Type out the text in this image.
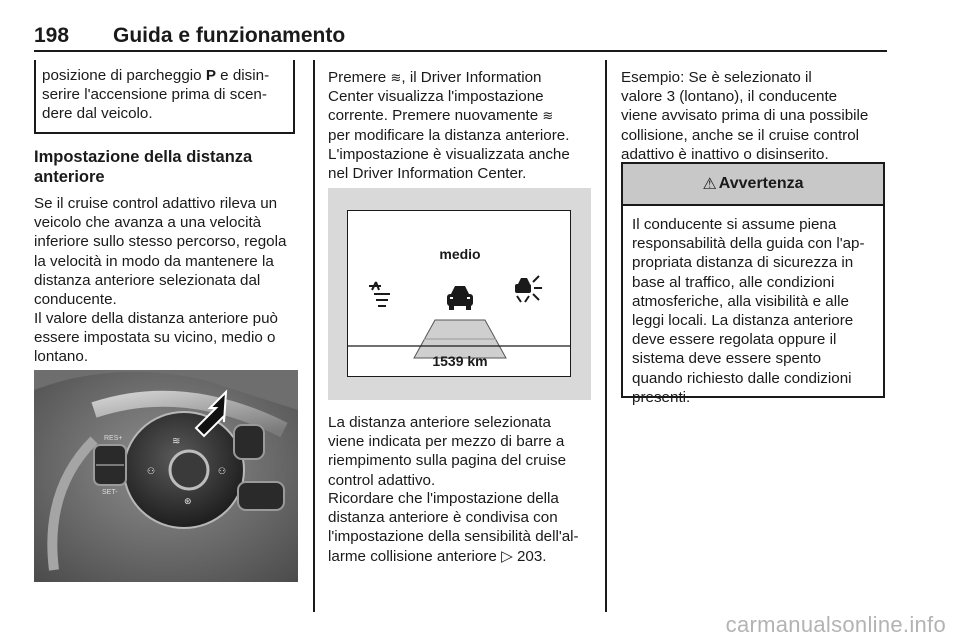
198 Guida e funzionamento

posizione di parcheggio P e disin-

serire l'accensione prima di scen-

dere dal veicolo.

Impostazione della distanza
anteriore

Se il cruise control adattivo rileva un

veicolo che avanza a una velocità

inferiore sullo stesso percorso, regola

la velocità in modo da mantenere la

distanza anteriore selezionata dal

conducente.

Il valore della distanza anteriore può

essere impostata su vicino, medio o

lontano.

RES+
SET-
≋
⚇	⚇
⊛

Premere ≋, il Driver Information

Center visualizza l'impostazione

corrente. Premere nuovamente ≋

per modificare la distanza anteriore.

L'impostazione è visualizzata anche

nel Driver Information Center.

medio
1539 km

La distanza anteriore selezionata

viene indicata per mezzo di barre a

riempimento sulla pagina del cruise

control adattivo.

Ricordare che l'impostazione della

distanza anteriore è condivisa con

l'impostazione della sensibilità dell'al-

larme collisione anteriore ▷ 203.

Esempio: Se è selezionato il

valore 3 (lontano), il conducente

viene avvisato prima di una possibile

collisione, anche se il cruise control

adattivo è inattivo o disinserito.

⚠ Avvertenza

Il conducente si assume piena

responsabilità della guida con l'ap-

propriata distanza di sicurezza in

base al traffico, alle condizioni

atmosferiche, alla visibilità e alle

leggi locali. La distanza anteriore

deve essere regolata oppure il

sistema deve essere spento

quando richiesto dalle condizioni

presenti.

carmanualsonline.info
